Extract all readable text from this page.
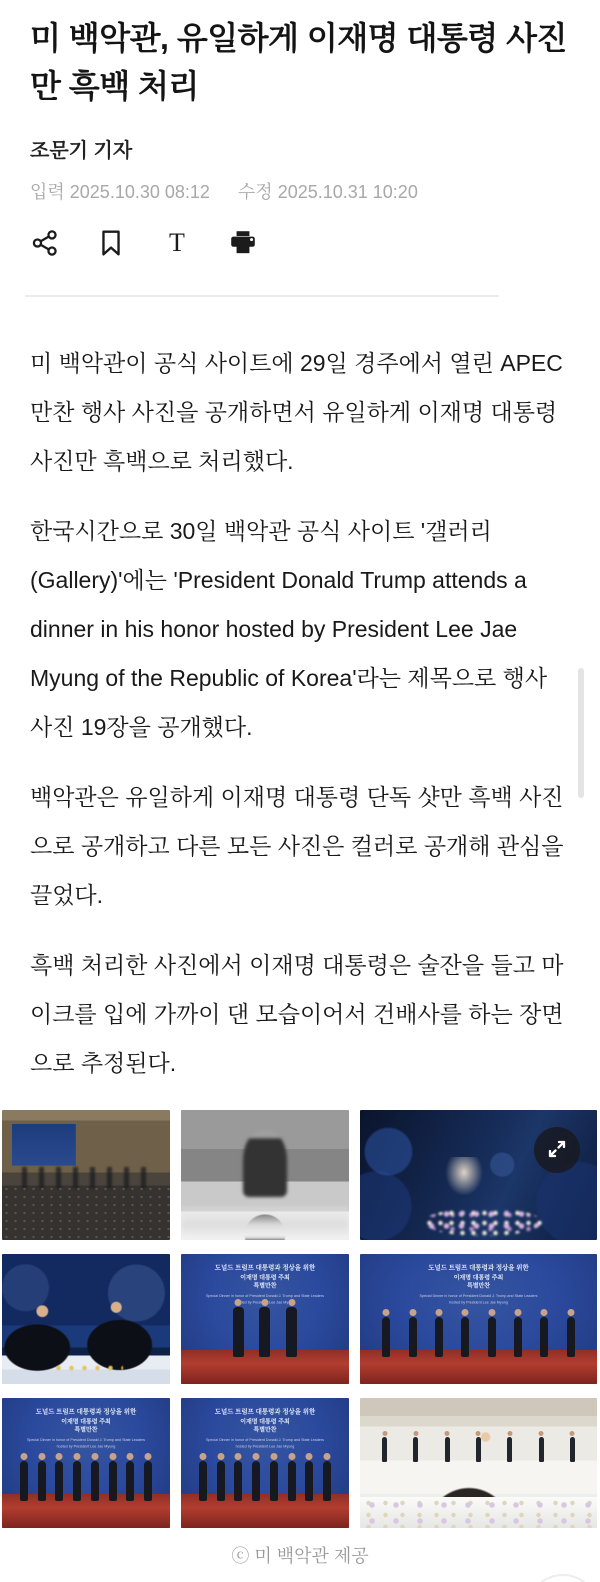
미 백악관, 유일하게 이재명 대통령 사진만 흑백 처리
조문기 기자
입력 2025.10.30 08:12 수정 2025.10.31 10:20
T

미 백악관이 공식 사이트에 29일 경주에서 열린 APEC 만찬 행사 사진을 공개하면서 유일하게 이재명 대통령 사진만 흑백으로 처리했다.

한국시간으로 30일 백악관 공식 사이트 '갤러리(Gallery)'에는 'President Donald Trump attends a dinner in his honor hosted by President Lee Jae Myung of the Republic of Korea'라는 제목으로 행사 사진 19장을 공개했다.

백악관은 유일하게 이재명 대통령 단독 샷만 흑백 사진으로 공개하고 다른 모든 사진은 컬러로 공개해 관심을 끌었다.

흑백 처리한 사진에서 이재명 대통령은 술잔을 들고 마이크를 입에 가까이 댄 모습이어서 건배사를 하는 장면으로 추정된다.

도널드 트럼프 대통령과 정상을 위한
이재명 대통령 주최
특별만찬
Special Dinner in honor of President Donald J. Trump and State Leaders
by President Lee Jae
도널드 트럼프 대통령과 정상을 위한
이재명 대통령 주최
특별만찬
Special Dinner in honor of President Donald J. Trump and State Leaders
hosted by President Lee Jae Myung
도널드 트럼프 대통령과 정상을 위한
이재명 대통령 주최
특별만찬
Special Dinner in honor of President Donald J. Trump and State Leaders
hosted by President Lee Jae Myung
도널드 트럼프 대통령과 정상을 위한
이재명 대통령 주최
특별만찬
Special Dinner in honor of President Donald J. Trump and State Leaders
hosted by President Lee Jae Myung
ⓒ 미 백악관 제공
